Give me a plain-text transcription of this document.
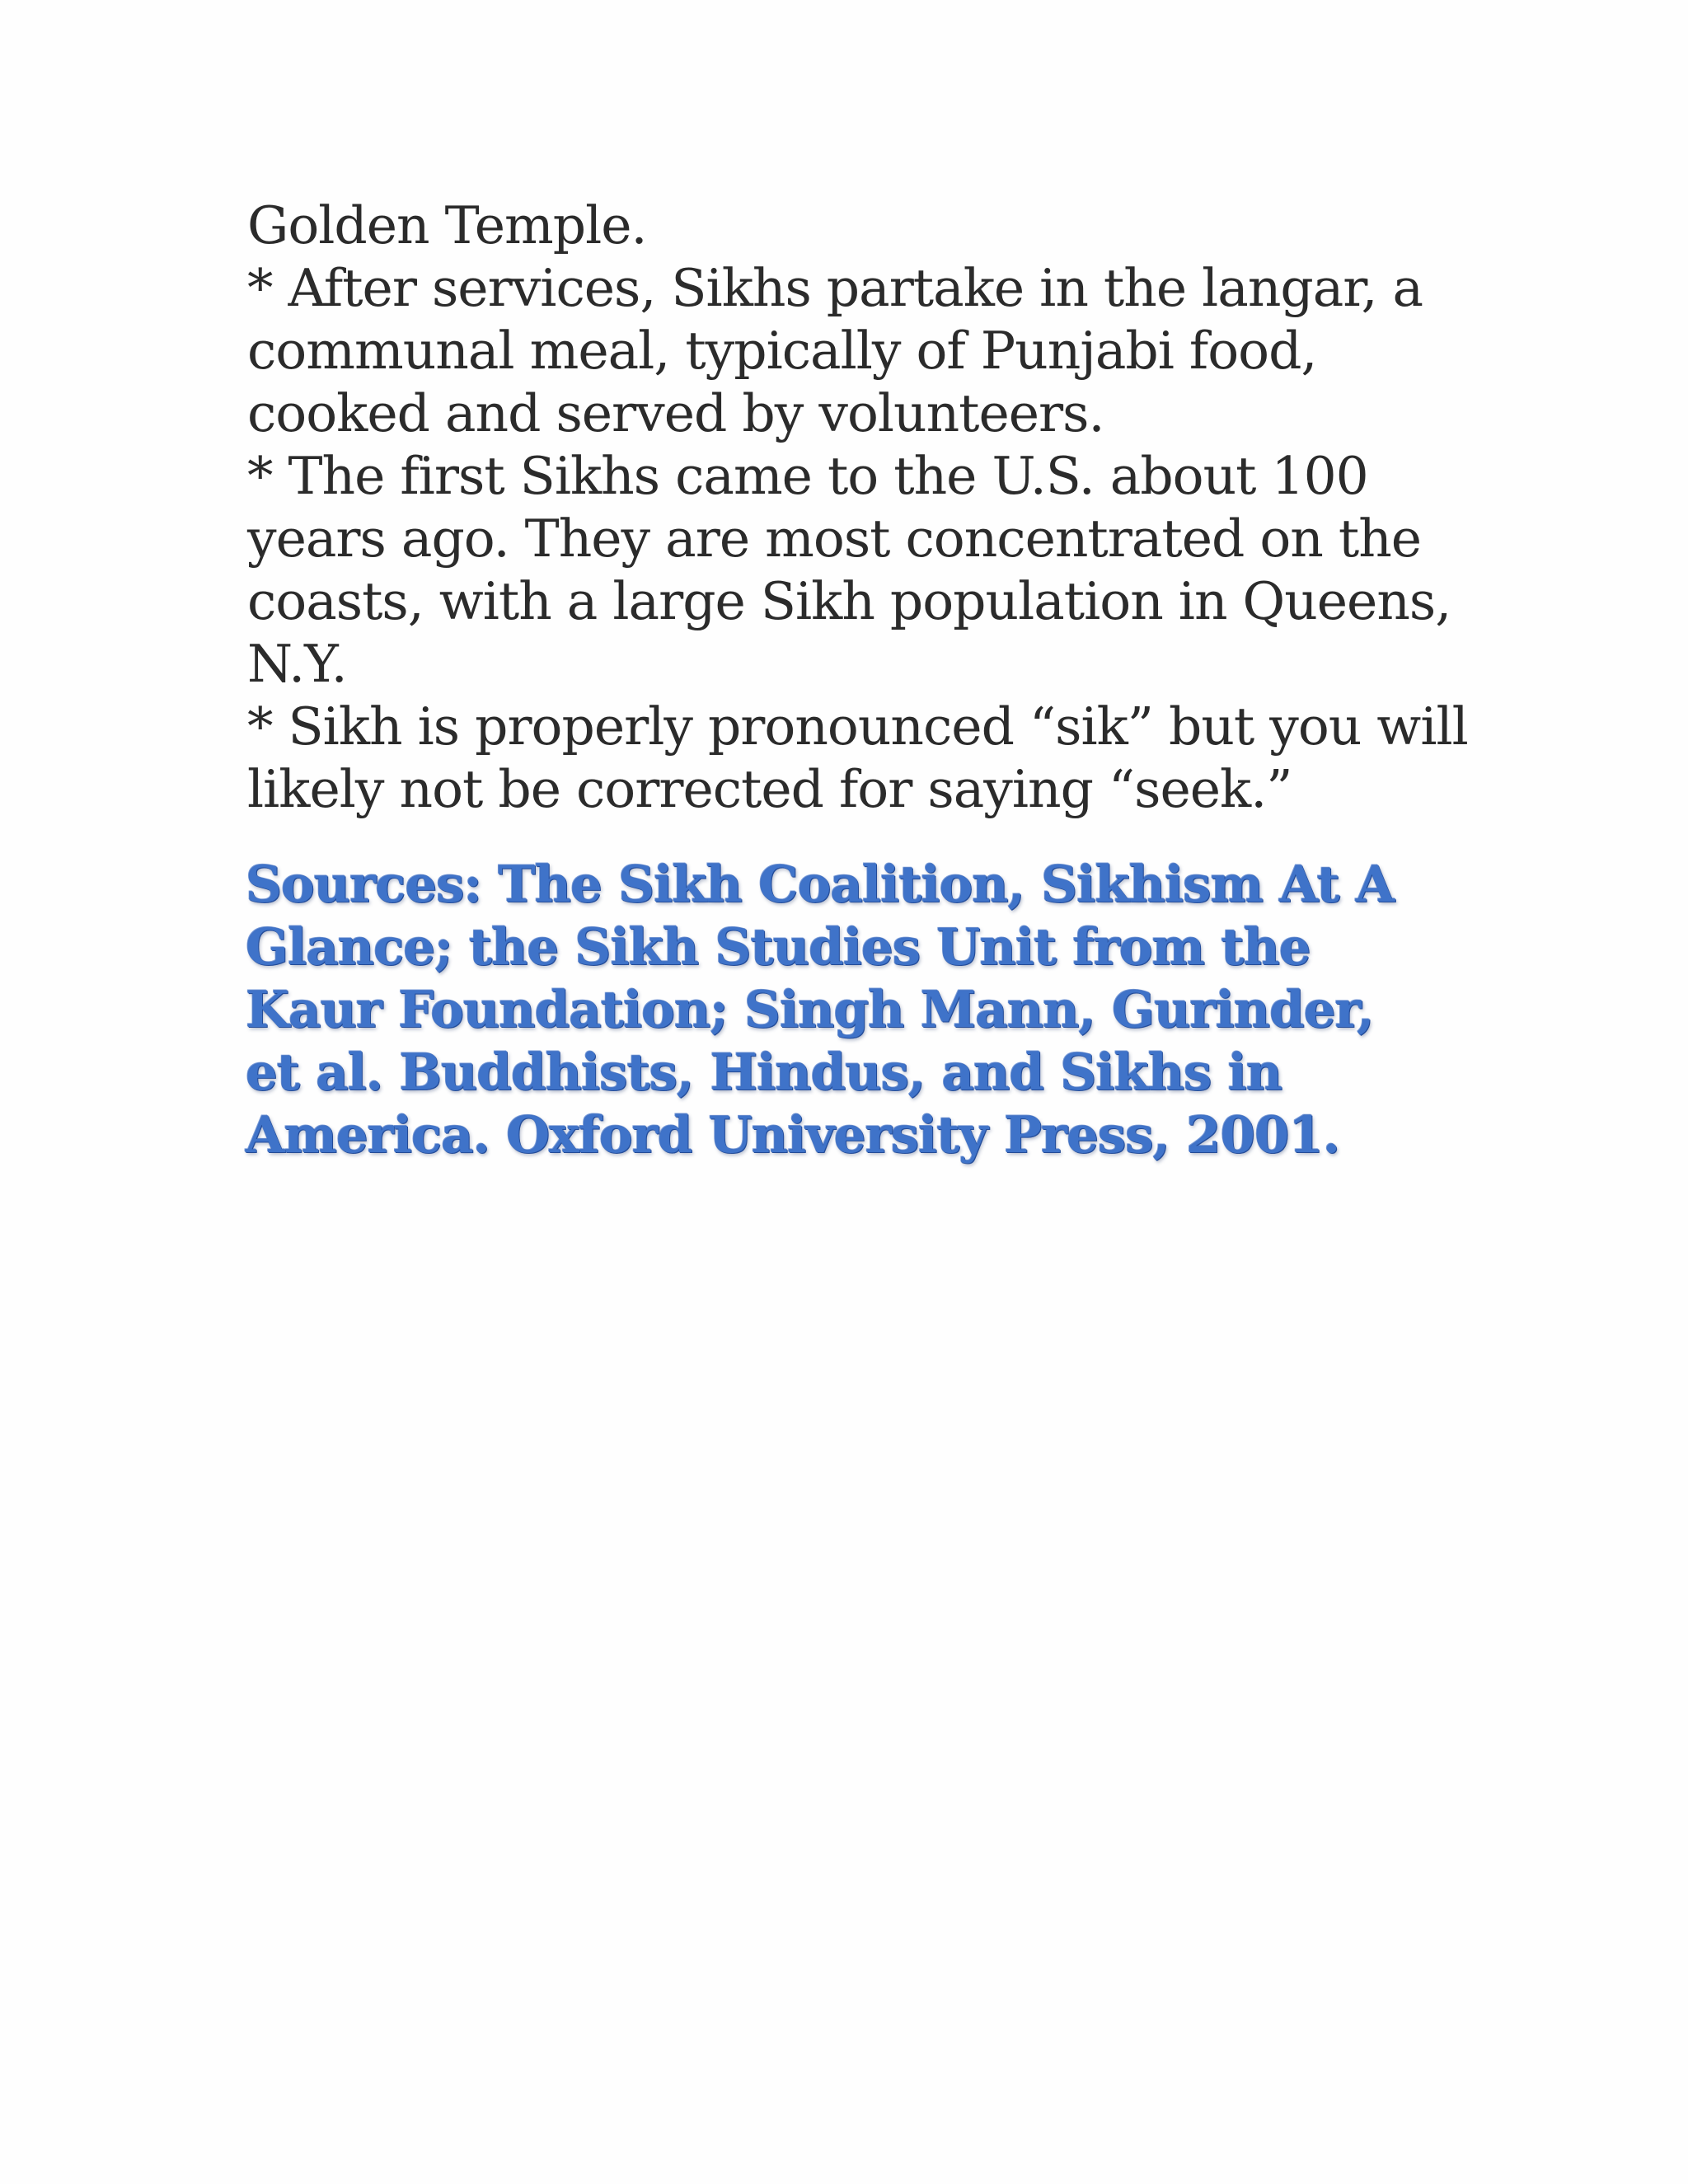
Golden Temple.
* After services, Sikhs partake in the langar, a
communal meal, typically of Punjabi food,
cooked and served by volunteers.
* The first Sikhs came to the U.S. about 100
years ago. They are most concentrated on the
coasts, with a large Sikh population in Queens,
N.Y.
* Sikh is properly pronounced “sik” but you will
likely not be corrected for saying “seek.”
Sources: The Sikh Coalition, Sikhism At A
Glance; the Sikh Studies Unit from the
Kaur Foundation; Singh Mann, Gurinder,
et al. Buddhists, Hindus, and Sikhs in
America. Oxford University Press, 2001.
